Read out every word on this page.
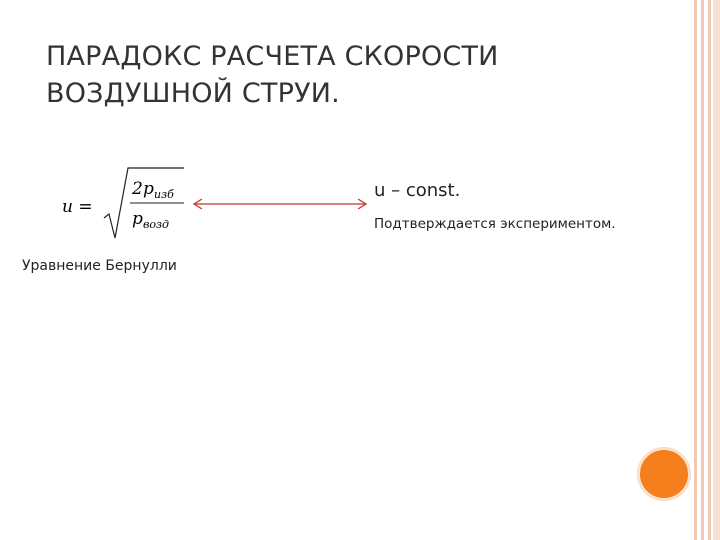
ПАРАДОКС РАСЧЕТА СКОРОСТИ ВОЗДУШНОЙ СТРУИ.
u =
2 p изб
p возд
Уравнение Бернулли
u – const.
Подтверждается экспериментом.
